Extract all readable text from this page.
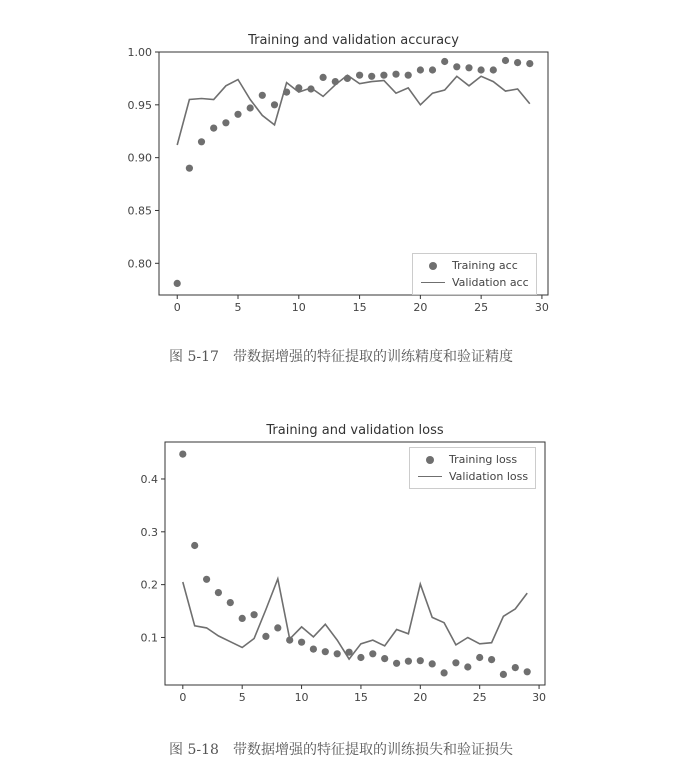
Training and validation accuracy
0	5	10	15	20	25	30
0.80
0.85
0.90
0.95
1.00
Training acc
Validation acc
图 5-17　带数据增强的特征提取的训练精度和验证精度
Training and validation loss
0	5	10	15	20	25	30
0.1
0.2
0.3
0.4
Training loss
Validation loss
图 5-18　带数据增强的特征提取的训练损失和验证损失
